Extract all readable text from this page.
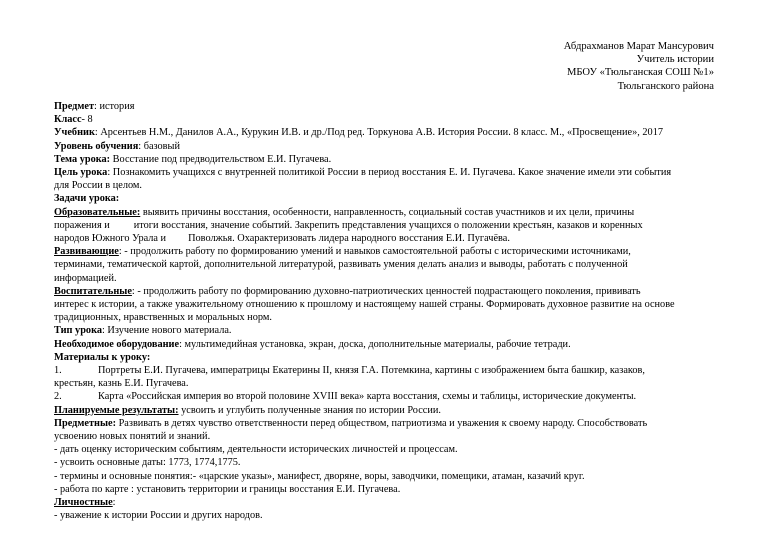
Абдрахманов Марат Мансурович
Учитель истории
МБОУ «Тюльганская СОШ №1»
Тюльганского района
Предмет: история
Класс- 8
Учебник: Арсентьев Н.М., Данилов А.А., Курукин И.В. и др./Под ред. Торкунова А.В. История России. 8 класс. М., «Просвещение», 2017
Уровень обучения: базовый
Тема урока: Восстание под предводительством Е.И. Пугачева.
Цель урока: Познакомить учащихся с внутренней политикой России в период восстания Е. И. Пугачева. Какое значение имели эти события
для России в целом.
Задачи урока:
Образовательные: выявить причины восстания, особенности, направленность, социальный состав участников и их цели, причины
поражения и итоги восстания, значение событий. Закрепить представления учащихся о положении крестьян, казаков и коренных
народов Южного Урала и Поволжья. Охарактеризовать лидера народного восстания Е.И. Пугачёва.
Развивающие: - продолжить работу по формированию умений и навыков самостоятельной работы с историческими источниками,
терминами, тематической картой, дополнительной литературой, развивать умения делать анализ и выводы, работать с полученной
информацией.
Воспитательные: - продолжить работу по формированию духовно-патриотических ценностей подрастающего поколения, прививать
интерес к истории, а также уважительному отношению к прошлому и настоящему нашей страны. Формировать духовное развитие на основе
традиционных, нравственных и моральных норм.
Тип урока: Изучение нового материала.
Необходимое оборудование: мультимедийная установка, экран, доска, дополнительные материалы, рабочие тетради.
Материалы к уроку:
1.	Портреты Е.И. Пугачева, императрицы Екатерины II, князя Г.А. Потемкина, картины с изображением быта башкир, казаков,
крестьян, казнь Е.И. Пугачева.
2.	Карта «Российская империя во второй половине XVIII века» карта восстания, схемы и таблицы, исторические документы.
Планируемые результаты: усвоить и углубить полученные знания по истории России.
Предметные: Развивать в детях чувство ответственности перед обществом, патриотизма и уважения к своему народу. Способствовать
усвоению новых понятий и знаний.
- дать оценку историческим событиям, деятельности исторических личностей и процессам.
- усвоить основные даты: 1773, 1774,1775.
- термины и основные понятия:- «царские указы», манифест, дворяне, воры, заводчики, помещики, атаман, казачий круг.
- работа по карте : установить территории и границы восстания Е.И. Пугачева.
Личностные:
- уважение к истории России и других народов.
